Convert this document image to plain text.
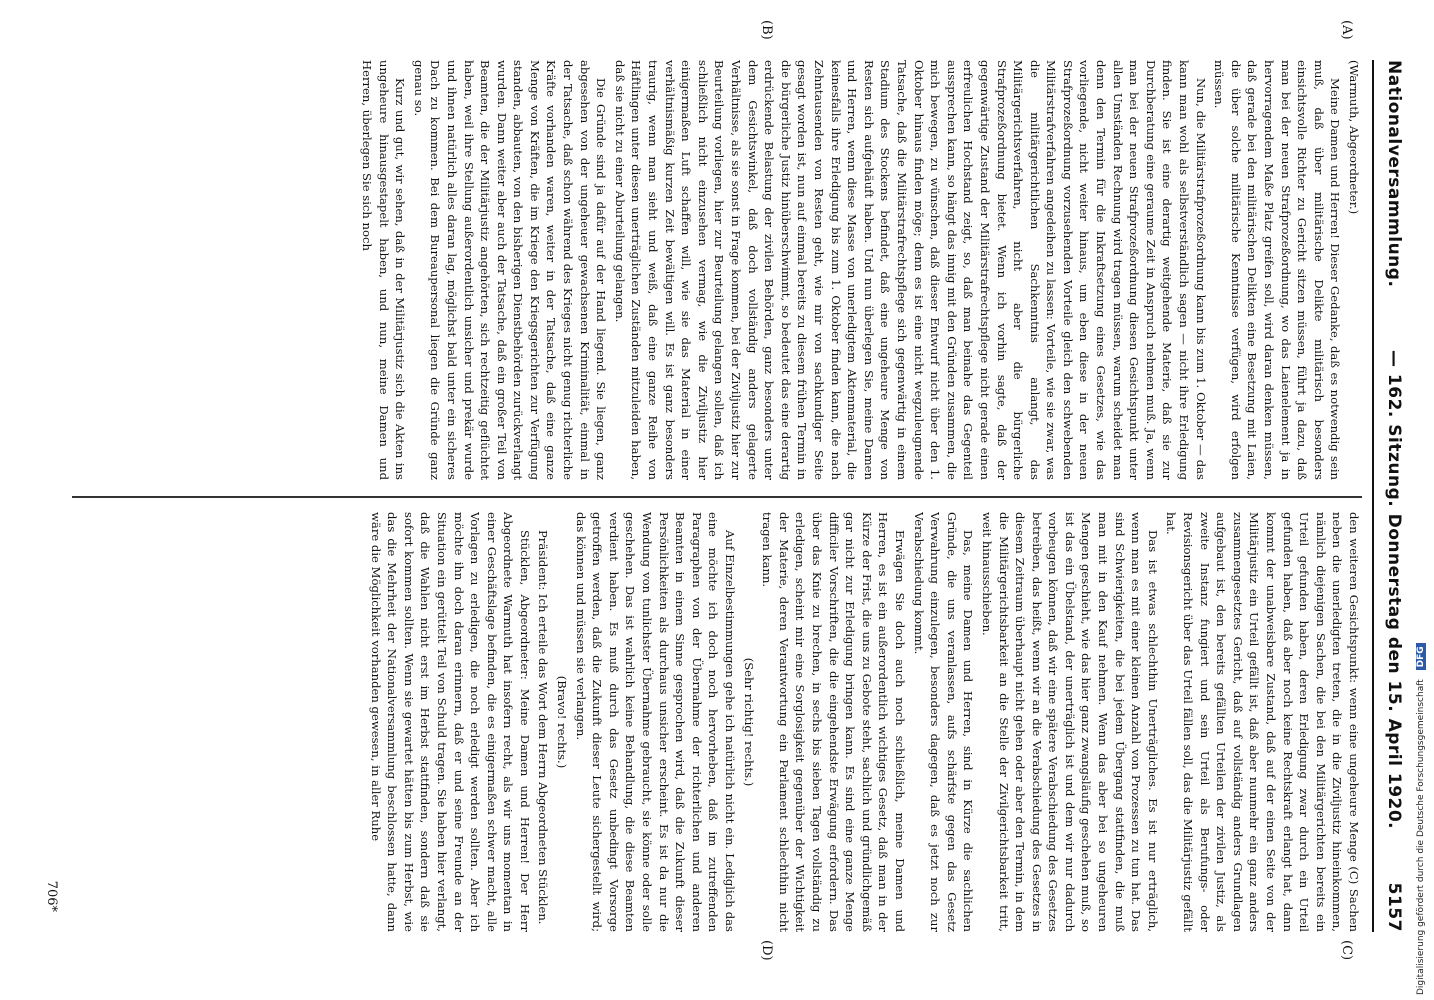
Nationalversammlung.
— 162. Sitzung. Donnerstag den 15. April 1920.
5157
(A)
(B)
(C)
(D)

(Warmuth, Abgeordneter.)

Meine Damen und Herren! Dieser Gedanke, daß es notwendig sein muß, daß über militärische Delikte militärisch besonders einsichtsvolle Richter zu Gericht sitzen müssen, führt ja dazu, daß man bei der neuen Strafprozeßordnung, wo das Laienelement ja in hervorragendem Maße Platz greifen soll, wird daran denken müssen, daß gerade bei den militärischen Delikten eine Besetzung mit Laien, die über solche militärische Kenntnisse verfügen, wird erfolgen müssen.

Nun, die Militärstrafprozeßordnung kann bis zum 1. Oktober — das kann man wohl als selbstverständlich sagen — nicht ihre Erledigung finden. Sie ist eine derartig weitgehende Materie, daß sie zur Durchberatung eine geraume Zeit in Anspruch nehmen muß. Ja, wenn man bei der neuen Strafprozeßordnung diesen Gesichtspunkt unter allen Umständen Rechnung wird tragen müssen, warum scheidet man denn den Termin für die Inkraftsetzung eines Gesetzes, wie das vorliegende, nicht weiter hinaus, um eben diese in der neuen Strafprozeßordnung vorzusehenden Vorteile gleich den schwebenden Militärstrafverfahren angedeihen zu lassen: Vorteile, wie sie zwar, was die militärgerichtlichen Sachkenntnis anlangt, das Militärgerichtsverfahren, nicht aber die bürgerliche Strafprozeßordnung bietet. Wenn ich vorhin sagte, daß der gegenwärtige Zustand der Militärstrafrechtspflege nicht gerade einen erfreulichen Hochstand zeigt, so, daß man beinahe das Gegenteil aussprechen kann, so hängt das innig mit den Gründen zusammen, die mich bewegen, zu wünschen, daß dieser Entwurf nicht über den 1. Oktober hinaus finden möge; denn es ist eine nicht wegzuleugnende Tatsache, daß die Militärstrafrechtspflege sich gegenwärtig in einem Stadium des Stockens befindet, daß eine ungeheure Menge von Resten sich aufgehäuft haben. Und nun überlegen Sie, meine Damen und Herren, wenn diese Masse von unerledigtem Aktenmaterial, die keinesfalls ihre Erledigung bis zum 1. Oktober finden kann, die nach Zehntausenden von Resten geht, wie mir von sachkundiger Seite gesagt worden ist, nun auf einmal bereits zu diesem frühen Termin in die bürgerliche Justiz hinüberschwimmt, so bedeutet das eine derartig erdrückende Belastung der zivilen Behörden, ganz besonders unter dem Gesichtswinkel, daß doch vollständig anders gelagerte Verhältnisse, als sie sonst in Frage kommen, bei der Ziviljustiz hier zur Beurteilung vorliegen, hier zur Beurteilung gelangen sollen, daß ich schließlich nicht einzusehen vermag, wie die Ziviljustiz hier einigermaßen Luft schaffen will, wie sie das Material in einer verhältnismäßig kurzen Zeit bewältigen will. Es ist ganz besonders traurig, wenn man sieht und weiß, daß eine ganze Reihe von Häftlingen unter diesen unerträglichen Zuständen mitzuleiden haben, daß sie nicht zu einer Aburteilung gelangen.

Die Gründe sind ja dafür auf der Hand liegend. Sie liegen, ganz abgesehen von der ungeheuer gewachsenen Kriminalität, einmal in der Tatsache, daß schon während des Krieges nicht genug richterliche Kräfte vorhanden waren, weiter in der Tatsache, daß eine ganze Menge von Kräften, die im Kriege den Kriegsgerichten zur Verfügung standen, abbauten, von den bisherigen Dienstbehörden zurückverlangt wurden. Dann weiter aber auch der Tatsache, daß ein großer Teil von Beamten, die der Militärjustiz angehörten, sich rechtzeitig geflüchtet haben, weil ihre Stellung außerordentlich unsicher und prekär wurde und ihnen natürlich alles daran lag, möglichst bald unter ein sicheres Dach zu kommen. Bei dem Bureaupersonal liegen die Gründe ganz genau so.

Kurz und gut, wir sehen, daß in der Militärjustiz sich die Akten ins ungeheure hinausgestapelt haben, und nun, meine Damen und Herren, überlegen Sie sich noch

den weiteren Gesichtspunkt: wenn eine ungeheure Menge (C) Sachen neben die unerledigten treten, die in die Ziviljustiz hineinkommen, nämlich diejenigen Sachen, die bei den Militärgerichten bereits ein Urteil gefunden haben, deren Erledigung zwar durch ein Urteil gefunden haben, daß aber noch keine Rechtskraft erlangt hat, dann kommt der unabweisbare Zustand, daß auf der einen Seite von der Militärjustiz ein Urteil gefällt ist, daß aber nunmehr ein ganz anders zusammengesetztes Gericht, daß auf vollständig anders Grundlagen aufgebaut ist, den bereits gefällten Urteilen der zivilen Justiz, als zweite Instanz fungiert und sein Urteil als Berufungs- oder Revisionsgericht über das Urteil fällen soll, das die Militärjustiz gefällt hat.

Das ist etwas schlechthin Unerträgliches. Es ist nur erträglich, wenn man es mit einer kleinen Anzahl von Prozessen zu tun hat. Das sind Schwierigkeiten, die bei jedem Übergang stattfinden, die muß man mit in den Kauf nehmen. Wenn das aber bei so ungeheuren Mengen geschieht, wie das hier ganz zwangsläufig geschehen muß, so ist das ein Übelstand, der unerträglich ist und dem wir nur dadurch vorbeugen können, daß wir eine spätere Verabschiedung des Gesetzes betreiben, das heißt, wenn wir an die Verabschiedung des Gesetzes in diesem Zeitraum überhaupt nicht gehen oder aber den Termin, in dem die Militärgerichtsbarkeit an die Stelle der Zivilgerichtsbarkeit tritt, weit hinausschieben.

Das, meine Damen und Herren, sind in Kürze die sachlichen Gründe, die uns veranlassen, aufs schärfste gegen das Gesetz Verwahrung einzulegen, besonders dagegen, daß es jetzt noch zur Verabschiedung kommt.

Erwägen Sie doch auch noch schließlich, meine Damen und Herren, es ist ein außerordentlich wichtiges Gesetz, daß man in der Kürze der Frist, die uns zu Gebote steht, sachlich und gründlichgemäß gar nicht zur Erledigung bringen kann. Es sind eine ganze Menge difficiler Vorschriften, die die eingehendste Erwägung erfordern. Das über das Knie zu brechen, in sechs bis sieben Tagen vollständig zu erledigen, scheint mir eine Sorglosigkeit gegenüber der Wichtigkeit der Materie, deren Verantwortung ein Parlament schlechthin nicht tragen kann.

(Sehr richtig! rechts.)

Auf Einzelbestimmungen gehe ich natürlich nicht ein. Lediglich das eine möchte ich doch noch hervorheben, daß im zutreffenden Paragraphen von der Übernahme der richterlichen und anderen Beamten in einem Sinne gesprochen wird, daß die Zukunft dieser Persönlichkeiten als durchaus unsicher erscheint. Es ist da nur die Wendung von tunlichster Übernahme gebraucht, sie könne oder solle geschehen. Das ist wahrlich keine Behandlung, die diese Beamten verdient haben. Es muß durch das Gesetz unbedingt Vorsorge getroffen werden, daß die Zukunft dieser Leute sichergestellt wird; das können und müssen sie verlangen.

(Bravo! rechts.)

Präsident: Ich erteile das Wort dem Herrn Abgeordneten Stücklen.

Stücklen, Abgeordneter: Meine Damen und Herren! Der Herr Abgeordnete Warmuth hat insofern recht, als wir uns momentan in einer Geschäftslage befinden, die es einigermaßen schwer macht, alle Vorlagen zu erledigen, die noch erledigt werden sollten. Aber ich möchte ihn doch daran erinnern, daß er und seine Freunde an der Situation ein gerüttelt Teil von Schuld tragen. Sie haben hier verlangt, daß die Wahlen nicht erst im Herbst stattfinden, sondern daß sie sofort kommen sollten. Wenn sie gewartet hätten bis zum Herbst, wie das die Mehrheit der Nationalversammlung beschlossen hatte, dann wäre die Möglichkeit vorhanden gewesen, in aller Ruhe

706*	Digitalisierung gefördert durch die Deutsche Forschungsgemeinschaft DFG
